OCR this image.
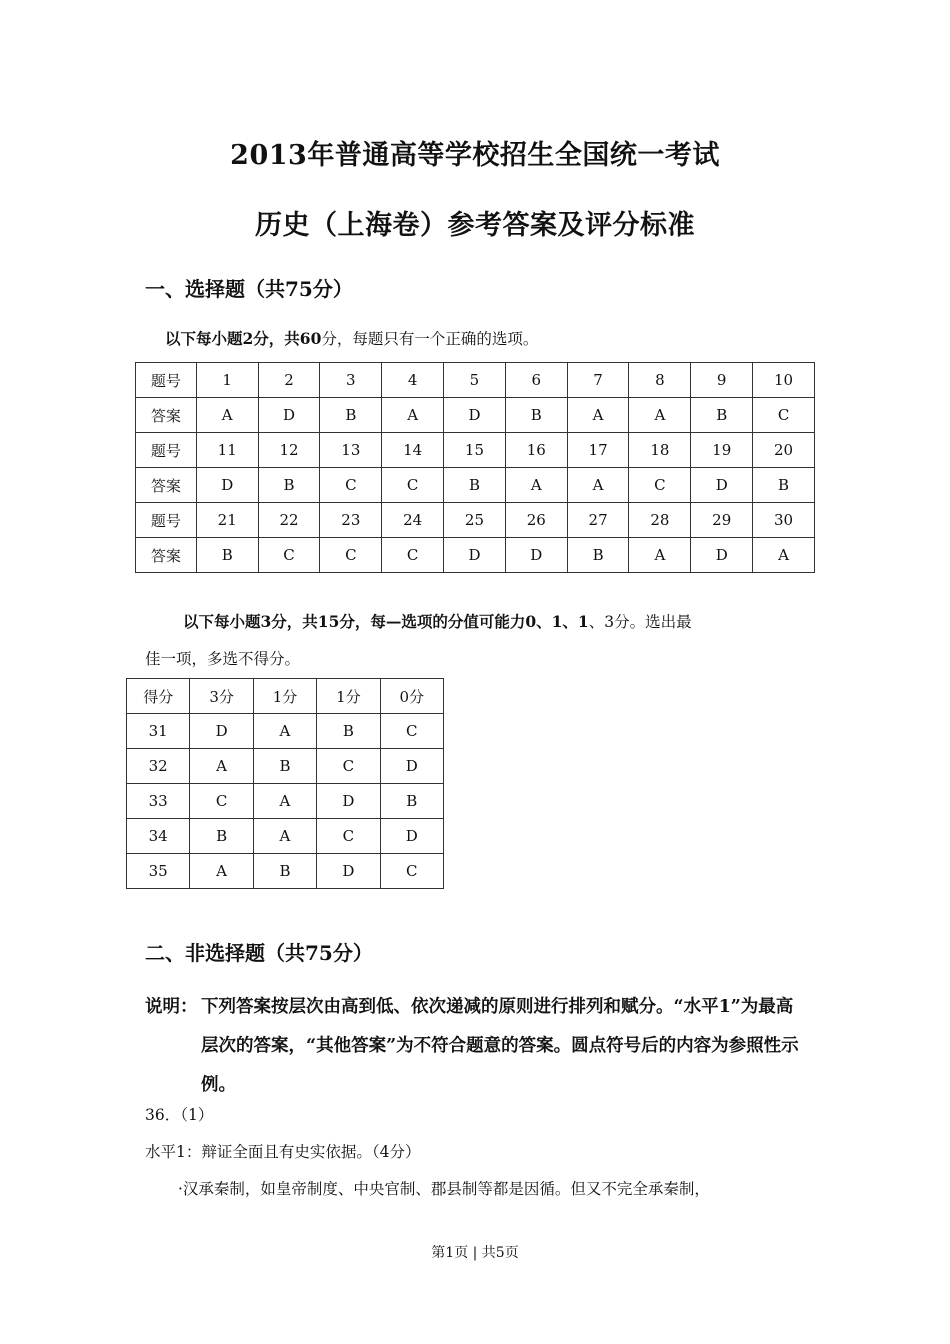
2013年普通高等学校招生全国统一考试
历史（上海卷）参考答案及评分标准
一、选择题（共75分）
以下每小题2分，共60分，每题只有一个正确的选项。
题号	1	2	3	4	5	6	7	8	9	10
答案	A	D	B	A	D	B	A	A	B	C
题号	11	12	13	14	15	16	17	18	19	20
答案	D	B	C	C	B	A	A	C	D	B
题号	21	22	23	24	25	26	27	28	29	30
答案	B	C	C	C	D	D	B	A	D	A
以下每小题3分，共15分，每—选项的分值可能力0、1、1、3分。选出最
佳一项，多选不得分。
得分	3分	1分	1分	0分
31	D	A	B	C
32	A	B	C	D
33	C	A	D	B
34	B	A	C	D
35	A	B	D	C
二、非选择题（共75分）
说明： 下列答案按层次由高到低、依次递减的原则进行排列和赋分。“水平1”为最高层次的答案，“其他答案”为不符合题意的答案。圆点符号后的内容为参照性示例。
36．（1）
水平1：辩证全面且有史实依据。（4分）
·汉承秦制，如皇帝制度、中央官制、郡县制等都是因循。但又不完全承秦制，
第1页 | 共5页
